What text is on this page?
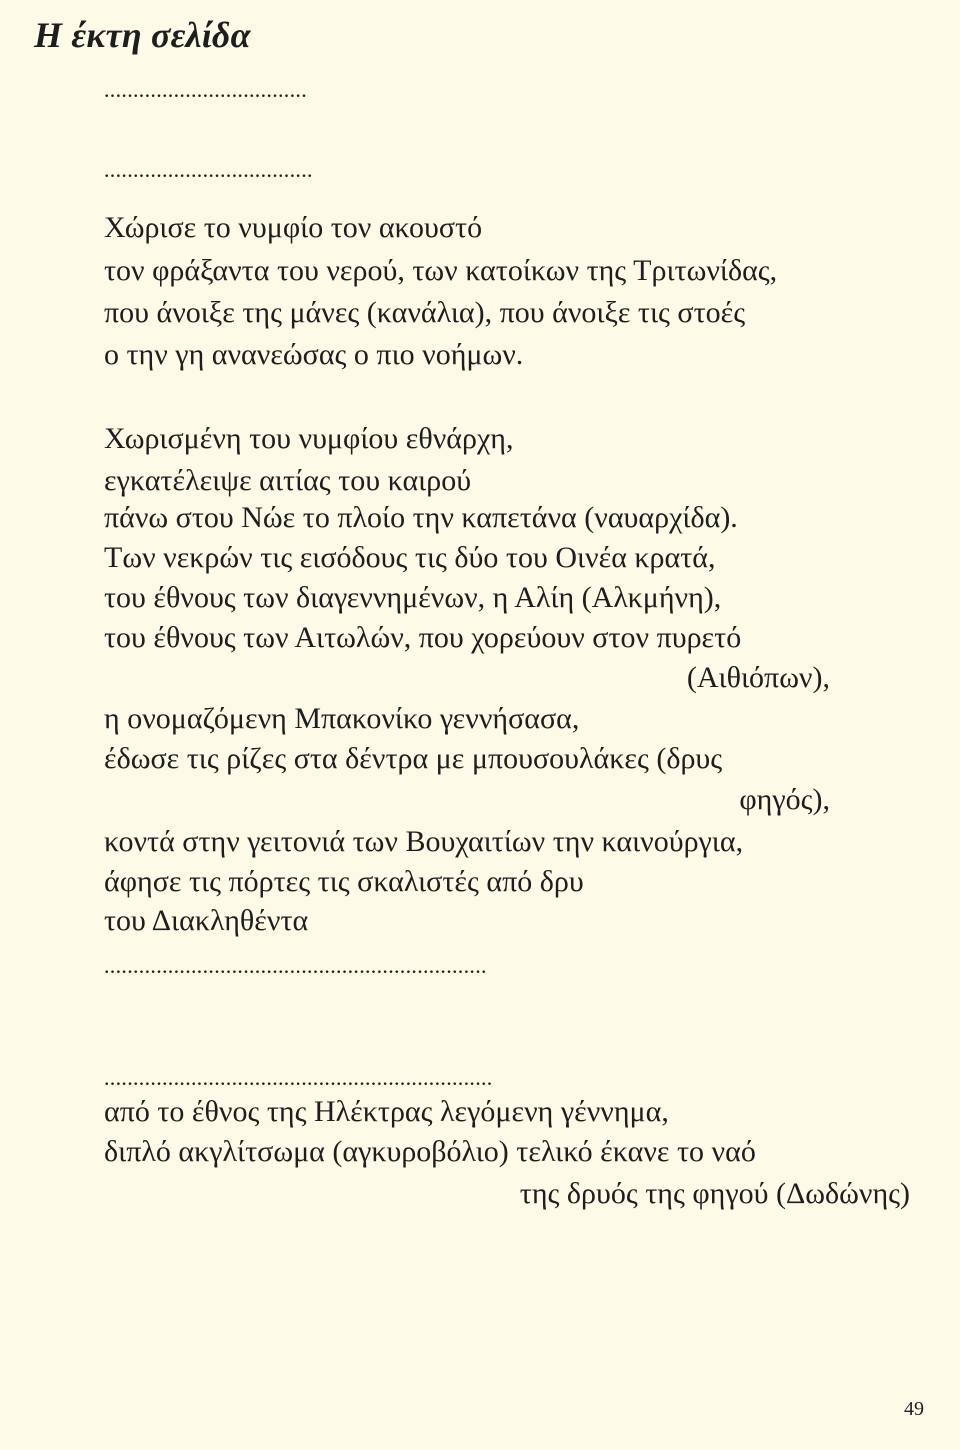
Η έκτη σελίδα
...................................
....................................
Χώρισε το νυμφίο τον ακουστό
τον φράξαντα του νερού, των κατοίκων της Τριτωνίδας,
που άνοιξε της μάνες (κανάλια), που άνοιξε τις στοές
ο την γη ανανεώσας ο πιο νοήμων.
Χωρισμένη του νυμφίου εθνάρχη,
εγκατέλειψε αιτίας του καιρού
πάνω στου Νώε το πλοίο την καπετάνα (ναυαρχίδα).
Των νεκρών τις εισόδους τις δύο του Οινέα κρατά,
του έθνους των διαγεννημένων, η Αλίη (Αλκμήνη),
του έθνους των Αιτωλών, που χορεύουν στον πυρετό
(Αιθιόπων),
η ονομαζόμενη Μπακονίκο γεννήσασα,
έδωσε τις ρίζες στα δέντρα με μπουσουλάκες (δρυς
φηγός),
κοντά στην γειτονιά των Βουχαιτίων την καινούργια,
άφησε τις πόρτες τις σκαλιστές από δρυ
του Διακληθέντα
..................................................................
...................................................................
από το έθνος της Ηλέκτρας λεγόμενη γέννημα,
διπλό ακγλίτσωμα (αγκυροβόλιο) τελικό έκανε το ναό
της δρυός της φηγού (Δωδώνης)
49
